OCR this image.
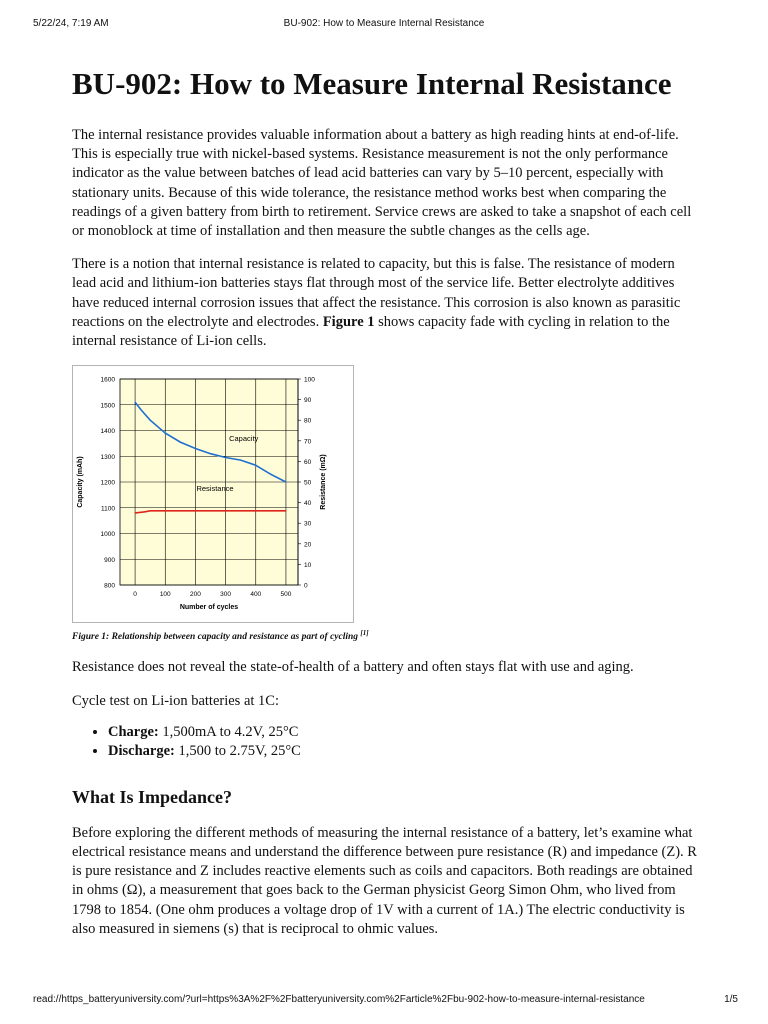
5/22/24, 7:19 AM	BU-902: How to Measure Internal Resistance
BU-902: How to Measure Internal Resistance

The internal resistance provides valuable information about a battery as high reading hints at end-of-life. This is especially true with nickel-based systems. Resistance measurement is not the only performance indicator as the value between batches of lead acid batteries can vary by 5–10 percent, especially with stationary units. Because of this wide tolerance, the resistance method works best when comparing the readings of a given battery from birth to retirement. Service crews are asked to take a snapshot of each cell or monoblock at time of installation and then measure the subtle changes as the cells age.

There is a notion that internal resistance is related to capacity, but this is false. The resistance of modern lead acid and lithium-ion batteries stays flat through most of the service life. Better electrolyte additives have reduced internal corrosion issues that affect the resistance. This corrosion is also known as parasitic reactions on the electrolyte and electrodes. Figure 1 shows capacity fade with cycling in relation to the internal resistance of Li-ion cells.

800
900
1000
1100
1200
1300
1400
1500
1600
0
10
20
30
40
50
60
70
80
90
100
0	100	200	300	400	500
Number of cycles
Capacity (mAh)	Resistance (mΩ)
Capacity
Resistance
Figure 1: Relationship between capacity and resistance as part of cycling [1]

Resistance does not reveal the state-of-health of a battery and often stays flat with use and aging.

Cycle test on Li-ion batteries at 1C:

• Charge: 1,500mA to 4.2V, 25°C
• Discharge: 1,500 to 2.75V, 25°C
What Is Impedance?

Before exploring the different methods of measuring the internal resistance of a battery, let’s examine what electrical resistance means and understand the difference between pure resistance (R) and impedance (Z). R is pure resistance and Z includes reactive elements such as coils and capacitors. Both readings are obtained in ohms (Ω), a measurement that goes back to the German physicist Georg Simon Ohm, who lived from 1798 to 1854. (One ohm produces a voltage drop of 1V with a current of 1A.) The electric conductivity is also measured in siemens (s) that is reciprocal to ohmic values.

read://https_batteryuniversity.com/?url=https%3A%2F%2Fbatteryuniversity.com%2Farticle%2Fbu-902-how-to-measure-internal-resistance	1/5
